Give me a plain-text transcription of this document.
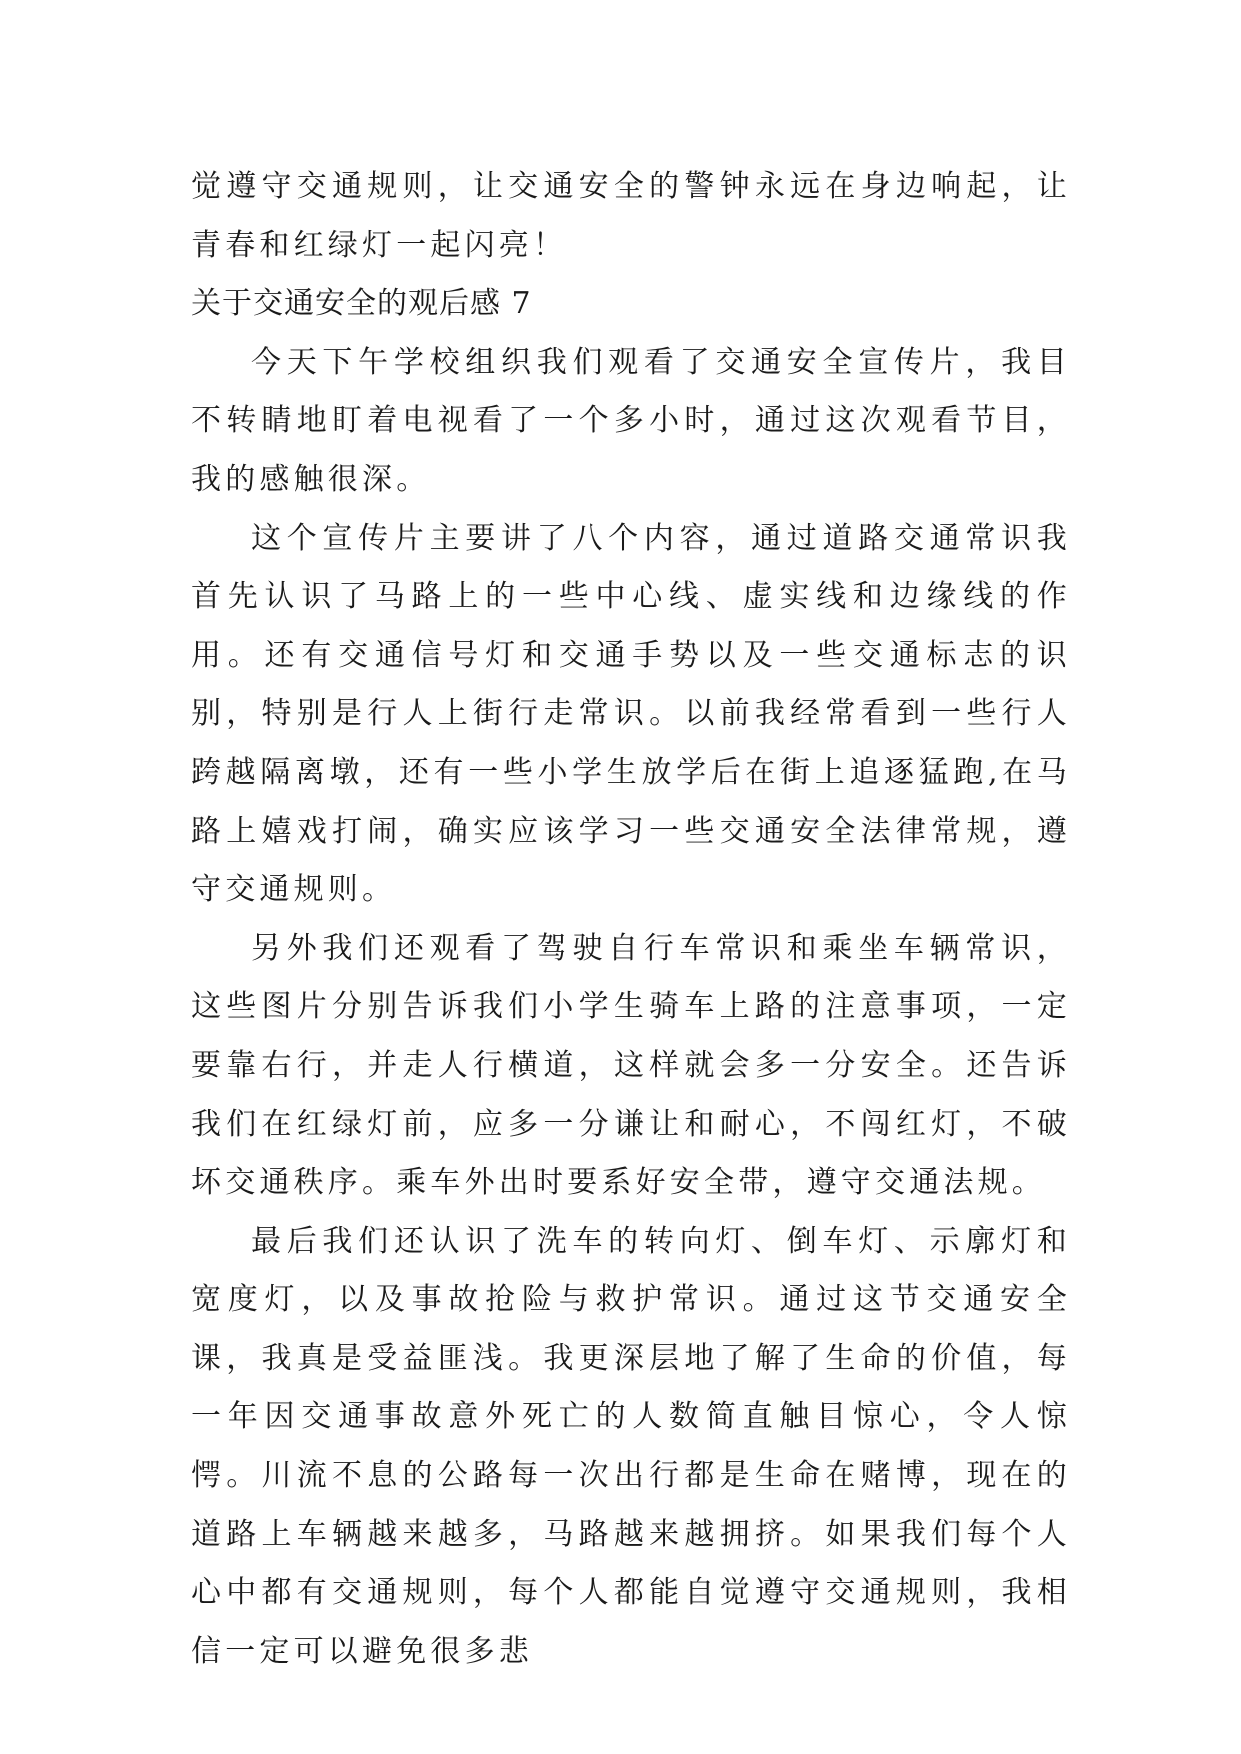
觉遵守交通规则，让交通安全的警钟永远在身边响起，让青春和红绿灯一起闪亮！

关于交通安全的观后感 7

今天下午学校组织我们观看了交通安全宣传片，我目不转睛地盯着电视看了一个多小时，通过这次观看节目，我的感触很深。

这个宣传片主要讲了八个内容，通过道路交通常识我首先认识了马路上的一些中心线、虚实线和边缘线的作用。还有交通信号灯和交通手势以及一些交通标志的识别，特别是行人上街行走常识。以前我经常看到一些行人跨越隔离墩，还有一些小学生放学后在街上追逐猛跑,在马路上嬉戏打闹，确实应该学习一些交通安全法律常规，遵守交通规则。

另外我们还观看了驾驶自行车常识和乘坐车辆常识，这些图片分别告诉我们小学生骑车上路的注意事项，一定要靠右行，并走人行横道，这样就会多一分安全。还告诉我们在红绿灯前，应多一分谦让和耐心，不闯红灯，不破坏交通秩序。乘车外出时要系好安全带，遵守交通法规。

最后我们还认识了洗车的转向灯、倒车灯、示廓灯和宽度灯，以及事故抢险与救护常识。通过这节交通安全课，我真是受益匪浅。我更深层地了解了生命的价值，每一年因交通事故意外死亡的人数简直触目惊心，令人惊愕。川流不息的公路每一次出行都是生命在赌博，现在的道路上车辆越来越多，马路越来越拥挤。如果我们每个人心中都有交通规则，每个人都能自觉遵守交通规则，我相信一定可以避免很多悲
